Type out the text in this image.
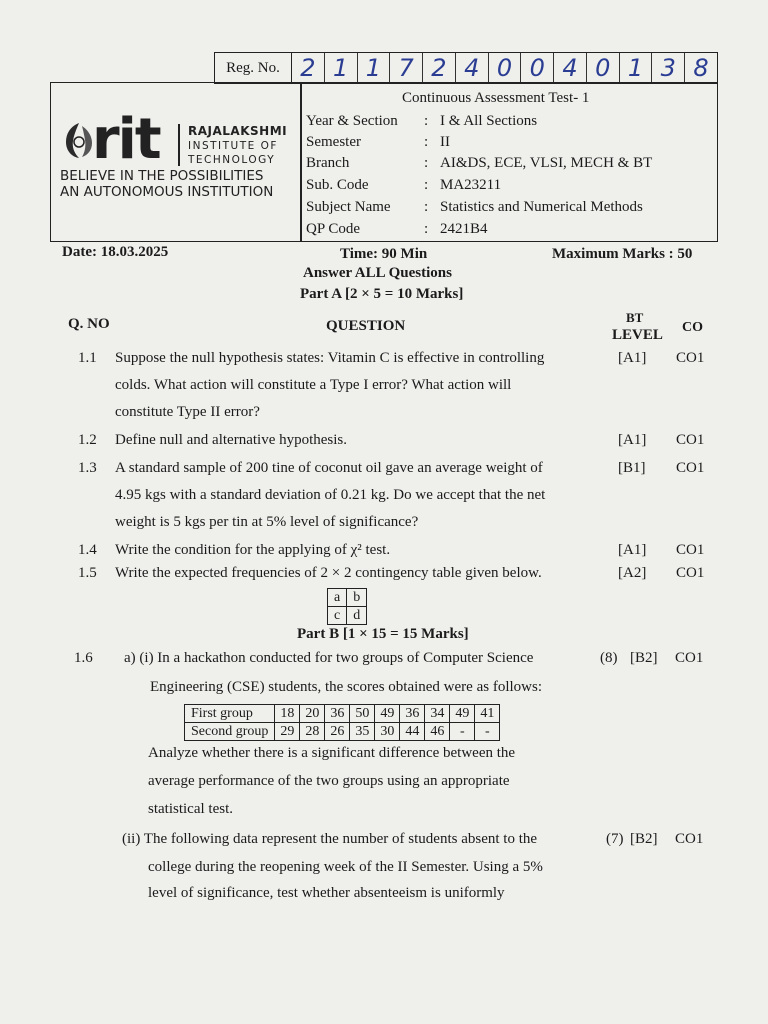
Reg. No. 2 1 1 7 2 4 0 0 4 0 1 3 8
rit RAJALAKSHMI
INSTITUTE OF
TECHNOLOGY
BELIEVE IN THE POSSIBILITIES
AN AUTONOMOUS INSTITUTION
Continuous Assessment Test- 1
Year & Section : I & All Sections
Semester	: II
Branch	: AI&DS, ECE, VLSI, MECH & BT
Sub. Code	: MA23211
Subject Name : Statistics and Numerical Methods
QP Code	: 2421B4
Date: 18.03.2025	Time: 90 Min	Maximum Marks : 50
Answer ALL Questions
Part A [2 × 5 = 10 Marks]
Q. NO	QUESTION
BT
LEVEL CO
1.1 Suppose the null hypothesis states: Vitamin C is effective in controlling
colds. What action will constitute a Type I error? What action will
constitute Type II error?
[A1] CO1
1.2 Define null and alternative hypothesis.	[A1] CO1
1.3 A standard sample of 200 tine of coconut oil gave an average weight of
4.95 kgs with a standard deviation of 0.21 kg. Do we accept that the net
weight is 5 kgs per tin at 5% level of significance?
[B1] CO1
1.4 Write the condition for the applying of χ² test.	[A1] CO1
1.5 Write the expected frequencies of 2 × 2 contingency table given below.	[A2] CO1
a	b
c	d
Part B [1 × 15 = 15 Marks]
1.6 a) (i) In a hackathon conducted for two groups of Computer Science
Engineering (CSE) students, the scores obtained were as follows:
(8) [B2] CO1
First group	18	20	36	50	49	36	34	49	41
Second group	29	28	26	35	30	44	46	-	-
Analyze whether there is a significant difference between the
average performance of the two groups using an appropriate
statistical test.
(ii) The following data represent the number of students absent to the	(7) [B2] CO1
college during the reopening week of the II Semester. Using a 5%
level of significance, test whether absenteeism is uniformly
